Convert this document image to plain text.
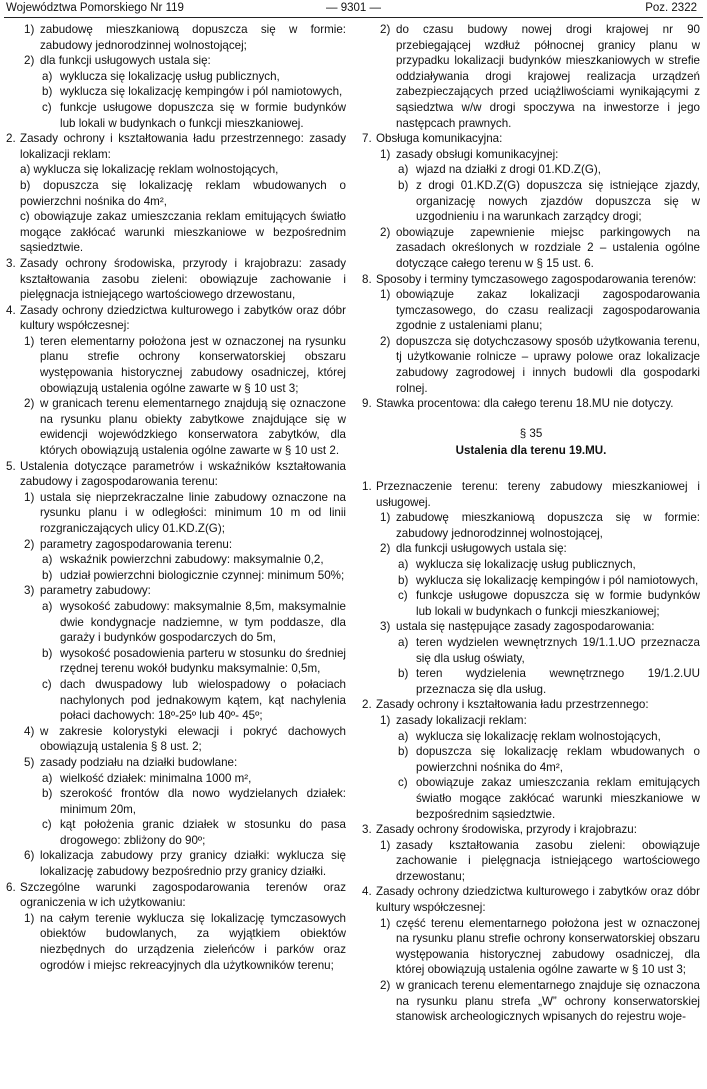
Województwa Pomorskiego Nr 119	— 9301 —	Poz. 2322
1) zabudowę mieszkaniową dopuszcza się w formie: zabudowy jednorodzinnej wolnostojącej;
2) dla funkcji usługowych ustala się:
a) wyklucza się lokalizację usług publicznych,
b) wyklucza się lokalizację kempingów i pól namiotowych,
c) funkcje usługowe dopuszcza się w formie budynków lub lokali w budynkach o funkcji mieszkaniowej.
2. Zasady ochrony i kształtowania ładu przestrzennego: zasady lokalizacji reklam:
a) wyklucza się lokalizację reklam wolnostojących,
b) dopuszcza się lokalizację reklam wbudowanych o powierzchni nośnika do 4m²,
c) obowiązuje zakaz umieszczania reklam emitujących światło mogące zakłócać warunki mieszkaniowe w bezpośrednim sąsiedztwie.
3. Zasady ochrony środowiska, przyrody i krajobrazu: zasady kształtowania zasobu zieleni: obowiązuje zachowanie i pielęgnacja istniejącego wartościowego drzewostanu,
4. Zasady ochrony dziedzictwa kulturowego i zabytków oraz dóbr kultury współczesnej:
1) teren elementarny położona jest w oznaczonej na rysunku planu strefie ochrony konserwatorskiej obszaru występowania historycznej zabudowy osadniczej, której obowiązują ustalenia ogólne zawarte w § 10 ust 3;
2) w granicach terenu elementarnego znajdują się oznaczone na rysunku planu obiekty zabytkowe znajdujące się w ewidencji wojewódzkiego konserwatora zabytków, dla których obowiązują ustalenia ogólne zawarte w § 10 ust 2.
5. Ustalenia dotyczące parametrów i wskaźników kształtowania zabudowy i zagospodarowania terenu:
1) ustala się nieprzekraczalne linie zabudowy oznaczone na rysunku planu i w odległości: minimum 10 m od linii rozgraniczających ulicy 01.KD.Z(G);
2) parametry zagospodarowania terenu:
a) wskaźnik powierzchni zabudowy: maksymalnie 0,2,
b) udział powierzchni biologicznie czynnej: minimum 50%;
3) parametry zabudowy:
a) wysokość zabudowy: maksymalnie 8,5m, maksymalnie dwie kondygnacje nadziemne, w tym poddasze, dla garaży i budynków gospodarczych do 5m,
b) wysokość posadowienia parteru w stosunku do średniej rzędnej terenu wokół budynku maksymalnie: 0,5m,
c) dach dwuspadowy lub wielospadowy o połaciach nachylonych pod jednakowym kątem, kąt nachylenia połaci dachowych: 18º-25º lub 40º- 45º;
4) w zakresie kolorystyki elewacji i pokryć dachowych obowiązują ustalenia § 8 ust. 2;
5) zasady podziału na działki budowlane:
a) wielkość działek: minimalna 1000 m²,
b) szerokość frontów dla nowo wydzielanych działek: minimum 20m,
c) kąt położenia granic działek w stosunku do pasa drogowego: zbliżony do 90º;
6) lokalizacja zabudowy przy granicy działki: wyklucza się lokalizację zabudowy bezpośrednio przy granicy działki.
6. Szczególne warunki zagospodarowania terenów oraz ograniczenia w ich użytkowaniu:
1) na całym terenie wyklucza się lokalizację tymczasowych obiektów budowlanych, za wyjątkiem obiektów niezbędnych do urządzenia zieleńców i parków oraz ogrodów i miejsc rekreacyjnych dla użytkowników terenu;
2) do czasu budowy nowej drogi krajowej nr 90 przebiegającej wzdłuż północnej granicy planu w przypadku lokalizacji budynków mieszkaniowych w strefie oddziaływania drogi krajowej realizacja urządzeń zabezpieczających przed uciążliwościami wynikającymi z sąsiedztwa w/w drogi spoczywa na inwestorze i jego następcach prawnych.
7. Obsługa komunikacyjna:
1) zasady obsługi komunikacyjnej:
a) wjazd na działki z drogi 01.KD.Z(G),
b) z drogi 01.KD.Z(G) dopuszcza się istniejące zjazdy, organizację nowych zjazdów dopuszcza się w uzgodnieniu i na warunkach zarządcy drogi;
2) obowiązuje zapewnienie miejsc parkingowych na zasadach określonych w rozdziale 2 – ustalenia ogólne dotyczące całego terenu w § 15 ust. 6.
8. Sposoby i terminy tymczasowego zagospodarowania terenów:
1) obowiązuje zakaz lokalizacji zagospodarowania tymczasowego, do czasu realizacji zagospodarowania zgodnie z ustaleniami planu;
2) dopuszcza się dotychczasowy sposób użytkowania terenu, tj użytkowanie rolnicze – uprawy polowe oraz lokalizacje zabudowy zagrodowej i innych budowli dla gospodarki rolnej.
9. Stawka procentowa: dla całego terenu 18.MU nie dotyczy.
§ 35
Ustalenia dla terenu 19.MU.
1. Przeznaczenie terenu: tereny zabudowy mieszkaniowej i usługowej.
1) zabudowę mieszkaniową dopuszcza się w formie: zabudowy jednorodzinnej wolnostojącej,
2) dla funkcji usługowych ustala się:
a) wyklucza się lokalizację usług publicznych,
b) wyklucza się lokalizację kempingów i pól namiotowych,
c) funkcje usługowe dopuszcza się w formie budynków lub lokali w budynkach o funkcji mieszkaniowej;
3) ustala się następujące zasady zagospodarowania:
a) teren wydzielen wewnętrznych 19/1.1.UO przeznacza się dla usług oświaty,
b) teren wydzielenia wewnętrznego 19/1.2.UU przeznacza się dla usług.
2. Zasady ochrony i kształtowania ładu przestrzennego:
1) zasady lokalizacji reklam:
a) wyklucza się lokalizację reklam wolnostojących,
b) dopuszcza się lokalizację reklam wbudowanych o powierzchni nośnika do 4m²,
c) obowiązuje zakaz umieszczania reklam emitujących światło mogące zakłócać warunki mieszkaniowe w bezpośrednim sąsiedztwie.
3. Zasady ochrony środowiska, przyrody i krajobrazu:
1) zasady kształtowania zasobu zieleni: obowiązuje zachowanie i pielęgnacja istniejącego wartościowego drzewostanu;
4. Zasady ochrony dziedzictwa kulturowego i zabytków oraz dóbr kultury współczesnej:
1) część terenu elementarnego położona jest w oznaczonej na rysunku planu strefie ochrony konserwatorskiej obszaru występowania historycznej zabudowy osadniczej, dla której obowiązują ustalenia ogólne zawarte w § 10 ust 3;
2) w granicach terenu elementarnego znajduje się oznaczona na rysunku planu strefa „W” ochrony konserwatorskiej stanowisk archeologicznych wpisanych do rejestru woje-
